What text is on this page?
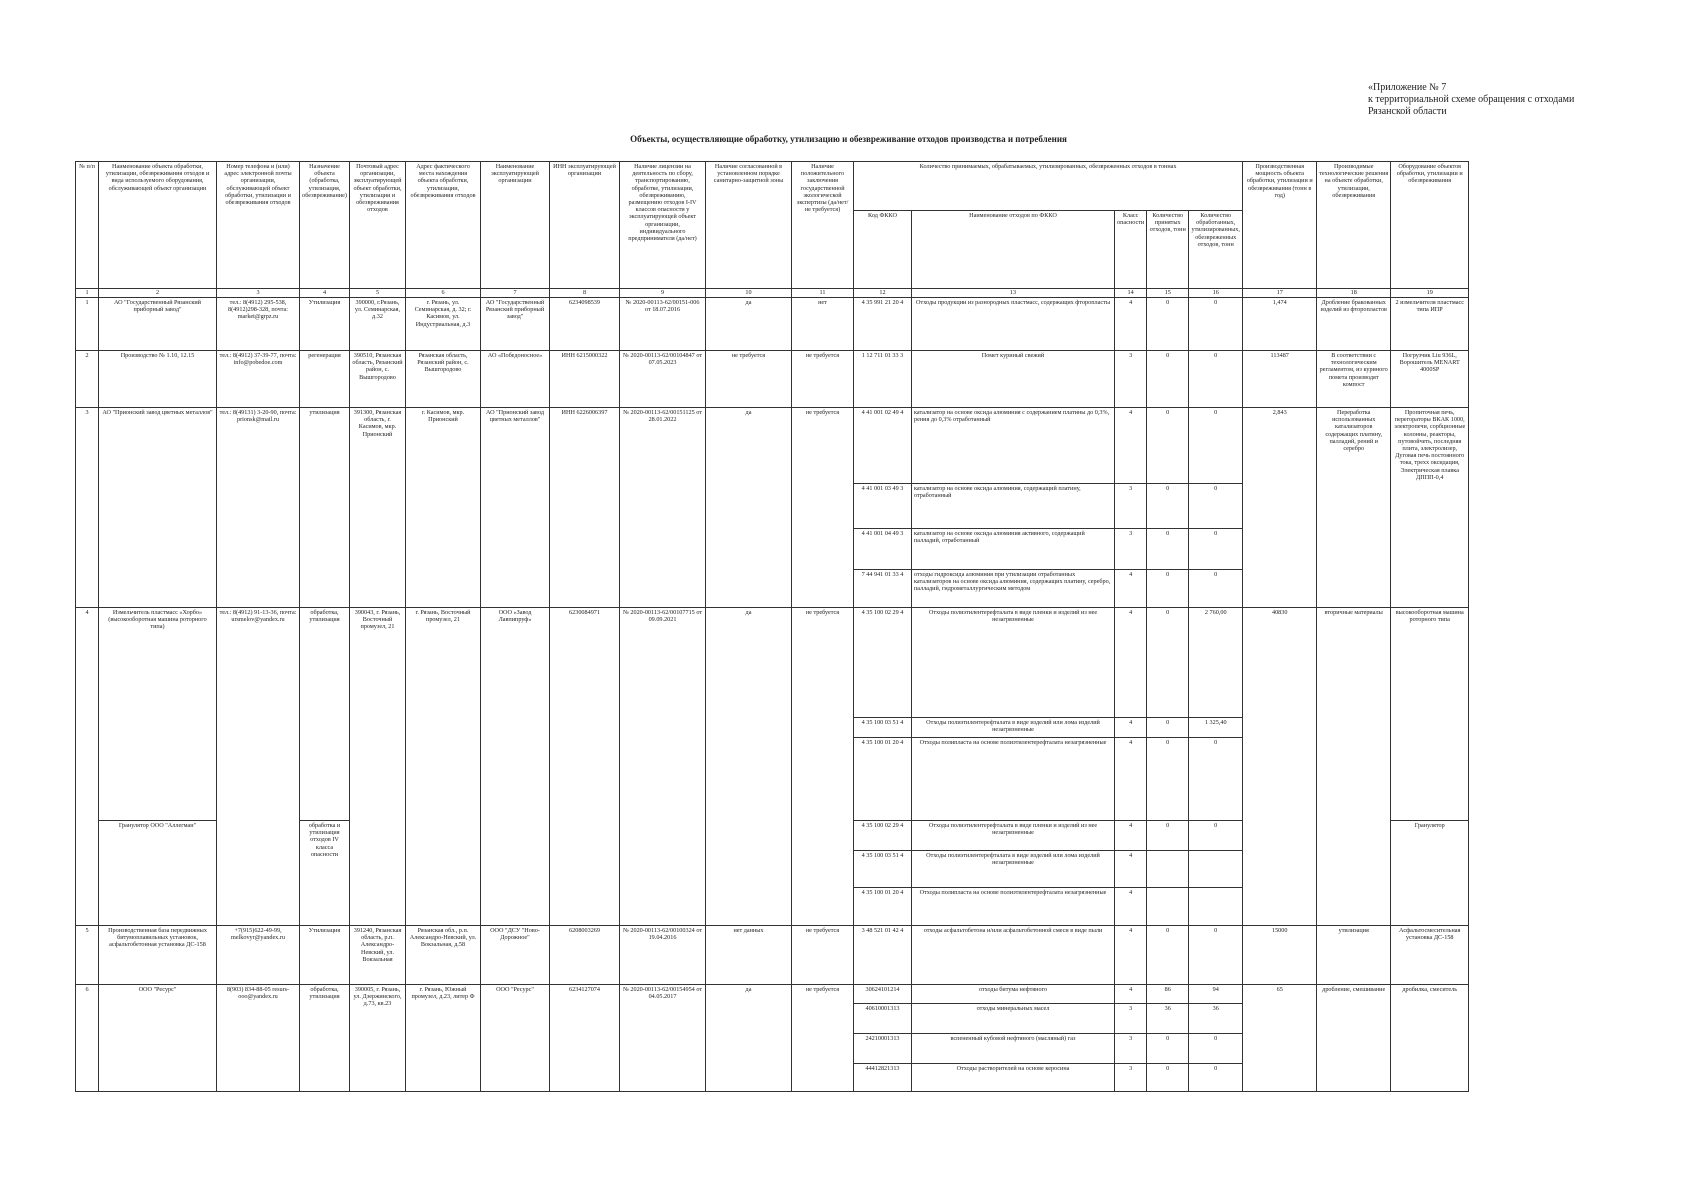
«Приложение № 7
к территориальной схеме обращения с отходами
Рязанской области
Объекты, осуществляющие обработку, утилизацию и обезвреживание отходов производства и потребления
№ п/п	Наименование объекта обработки, утилизации, обезвреживания отходов и вида используемого оборудования, обслуживающей объект организации	Номер телефона и (или) адрес электронной почты организации, обслуживающей объект обработки, утилизации и обезвреживания отходов	Назначение объекта (обработка, утилизация, обезвреживание)	Почтовый адрес организации, эксплуатирующей объект обработки, утилизации и обезвреживания отходов	Адрес фактического места нахождения объекта обработки, утилизации, обезвреживания отходов	Наименование эксплуатирующей организации	ИНН эксплуатирующей организации	Наличие лицензии на деятельность по сбору, транспортированию, обработке, утилизации, обезвреживанию, размещению отходов I-IV классов опасности у эксплуатирующей объект организации, индивидуального предпринимателя (да/нет)	Наличие согласованной в установленном порядке санитарно-защитной зоны	Наличие положительного заключения государственной экологической экспертизы (да/нет/не требуется)	Количество принимаемых, обрабатываемых, утилизированных, обезвреженных отходов в тоннах					Производственная мощность объекта обработки, утилизации и обезвреживания (тонн в год)	Производимые технологические решения на объекте обработки, утилизации, обезвреживания	Оборудование объектов обработки, утилизации и обезвреживания
											Код ФККО	Наименование отходов по ФККО	Класс опасности	Количество принятых отходов, тонн	Количество обработанных, утилизированных, обезвреженных отходов, тонн			
1	2	3	4	5	6	7	8	9	10	11	12	13	14	15	16	17	18	19
1	АО "Государственный Рязанский приборный завод"	тел.: 8(4912) 295-538, 8(4912)298-328, почта: market@grpz.ru	Утилизация	390000, г.Рязань, ул. Семинарская, д.32	г. Рязань, ул. Семинарская, д. 32; г. Касимов, ул. Индустриальная, д.3	АО "Государственный Рязанский приборный завод"	6234098539	№ 2020-00113-62/00151-006 от 18.07.2016	да	нет	4 35 991 21 20 4	Отходы продукции из разнородных пластмасс, содержащих фторопласты	4	0	0	1,474	Дробление бракованных изделий из фторопластов	2 измельчителя пластмасс типа ИПР
2	Производство № 1.10, 12.15	тел.: 8(4912) 37-39-77, почта: info@pobedoe.com	регенерация	390510, Рязанская область, Рязанский район, с. Вышгородово	Рязанская область, Рязанский район, с. Вышгородово	АО «Победоносное»	ИНН 6215000322	№ 2020-00113-62/00104847 от 07.05.2023	не требуется	не требуется	1 12 711 01 33 3	Помет куриный свежий	3	0	0	113487	В соответствии с технологическим регламентом, из куриного помета производят компост	Погрузчик Liu 936L, Ворошитель MENART 4000SP
3	АО "Прионский завод цветных металлов"	тел.: 8(49131) 3-20-90, почта: prionsk@mail.ru	утилизация	391300, Рязанская область, г. Касимов, мкр. Прионский	г. Касимов, мкр. Прионский	АО "Прионский завод цветных металлов"	ИНН 6226006397	№ 2020-00113-62/00151125 от 28.01.2022	да	не требуется	4 41 001 02 49 4	катализатор на основе оксида алюминия с содержанием платины до 0,3%, рения до 0,3% отработанный	4	0	0	2,843	Переработка использованных катализаторов содержащих платину, палладий, рений и серебро	Пропиточная печь, перегораторы ВКАК 1000, электропечи, сорбционные колонны, реакторы, путовойчеть, последняя плита, электролизер, Дуговая печь постоянного тока, трехх оксидация, Электрическая плавка ДППП-0,4
											4 41 001 03 49 3	катализатор на основе оксида алюминия, содержащий платину, отработанный	3	0	0			
											4 41 001 04 49 3	катализатор на основе оксида алюминия активного, содержащий палладий, отработанный	3	0	0			
											7 44 941 01 33 4	отходы гидроксида алюминия при утилизации отработанных катализаторов на основе оксида алюминия, содержащих платину, серебро, палладий, гидрометаллургическим методом	4	0	0			
4	Измельчитель пластмасс «Хорбо» (высокооборотная машина роторного типа)	тел.: 8(4912) 91-13-36, почта: ursmelov@yandex.ru	обработка, утилизация	390043, г. Рязань, Восточный промузел, 21	г. Рязань, Восточный промузел, 21	ООО «Завод Лавпипруф»	6230084971	№ 2020-00113-62/00107715 от 09.09.2021	да	не требуется	4 35 100 02 29 4	Отходы полиэтилентерефталата в виде пленки и изделий из нее незагрязненные	4	0	2 760,00	40830	вторичные материалы	высокооборотная машина роторного типа
											4 35 100 03 51 4	Отходы полиэтилентерефталата в виде изделий или лома изделий незагрязненные	4	0	1 325,40			
											4 35 100 01 20 4	Отходы полипласта на основе полиэтилентерефталата незагрязненные	4	0	0			
	Гранулятор ООО "Аллегман"		обработка и утилизация отходов IV класса опасности								4 35 100 02 29 4	Отходы полиэтилентерефталата в виде пленки и изделий из нее незагрязненные	4	0	0			Гранулятор
											4 35 100 03 51 4	Отходы полиэтилентерефталата в виде изделий или лома изделий незагрязненные	4					
											4 35 100 01 20 4	Отходы полипласта на основе полиэтилентерефталата незагрязненные	4					
5	Производственная база передвижных битумоплавильных установок, асфальтобетонная установка ДС-158	+7(915)622-49-99, melkovyr@yandex.ru	Утилизация	391240, Рязанская область, р.п. Александро-Невский, ул. Вокзальная	Рязанская обл., р.п. Александро-Невский, ул. Вокзальная, д.58	ООО "ДСУ "Ново-Дорожное"	6208003269	№ 2020-00113-62/00100324 от 19.04.2016	нет данных	не требуется	3 48 521 01 42 4	отходы асфальтобетона и/или асфальтобетонной смеси в виде пыли	4	0	0	15000	утилизация	Асфальтосмесительная установка ДС-158
6	ООО "Ресурс"	8(903) 834-88-05 resurs-ooo@yandex.ru	обработка, утилизация	390005, г. Рязань, ул. Дзержинского, д.73, кв.23	г. Рязань, Южный промузел, д.23, литер Ф	ООО "Ресурс"	6234127074	№ 2020-00113-62/00154954 от 04.05.2017	да	не требуется	30624101214	отходы битума нефтяного	4	86	94	65	дробление, смешивание	дробилка, смеситель
											40610001313	отходы минеральных масел	3	36	36			
											24210001313	вспененный кубовой нефтяного (масляный) газ	3	0	0			
											44412821313	Отходы растворителей на основе керосина	3	0	0			
